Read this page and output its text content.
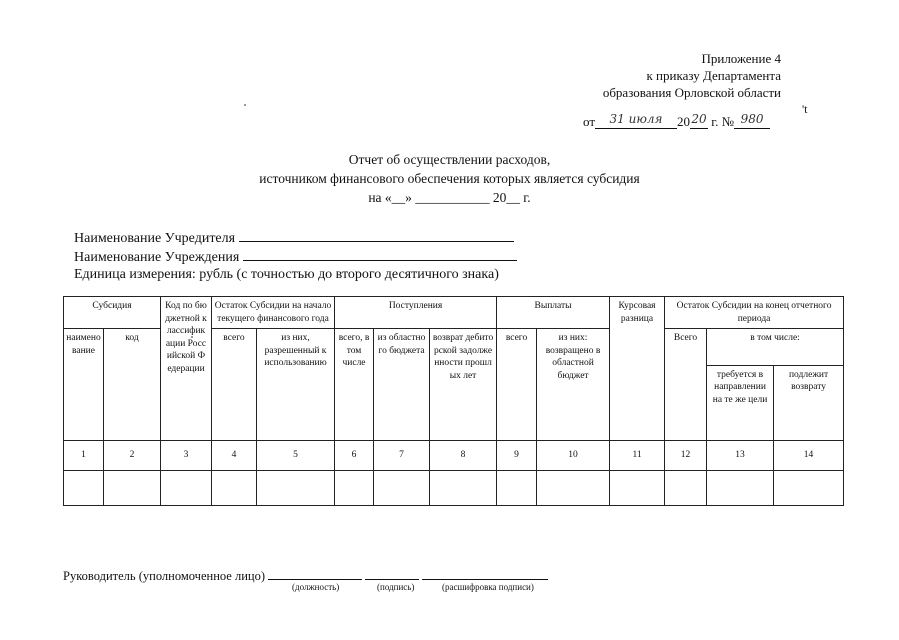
Приложение 4
к приказу Департамента
образования Орловской области
't
от 31 июля 2020 г. № 980
Отчет об осуществлении расходов,
источником финансового обеспечения которых является субсидия
на «__» ___________ 20__ г.
Наименование Учредителя
Наименование Учреждения
Единица измерения: рубль (с точностью до второго десятичного знака)
Субсидия		Код по бюджетной классификации Российской Федерации	Остаток Субсидии на начало текущего финансового года		Поступления			Выплаты		Курсовая разница	Остаток Субсидии на конец отчетного периода		
наименование	код		всего	из них, разрешенный к использованию	всего, в том числе	из областного бюджета	возврат дебиторской задолженности прошлых лет	всего	из них: возвращено в областной бюджет		Всего	в том числе:	
												требуется в направлении на те же цели	подлежит возврату
1	2	3	4	5	6	7	8	9	10	11	12	13	14

Руководитель (уполномоченное лицо)
(должность)	(подпись)	(расшифровка подписи)
